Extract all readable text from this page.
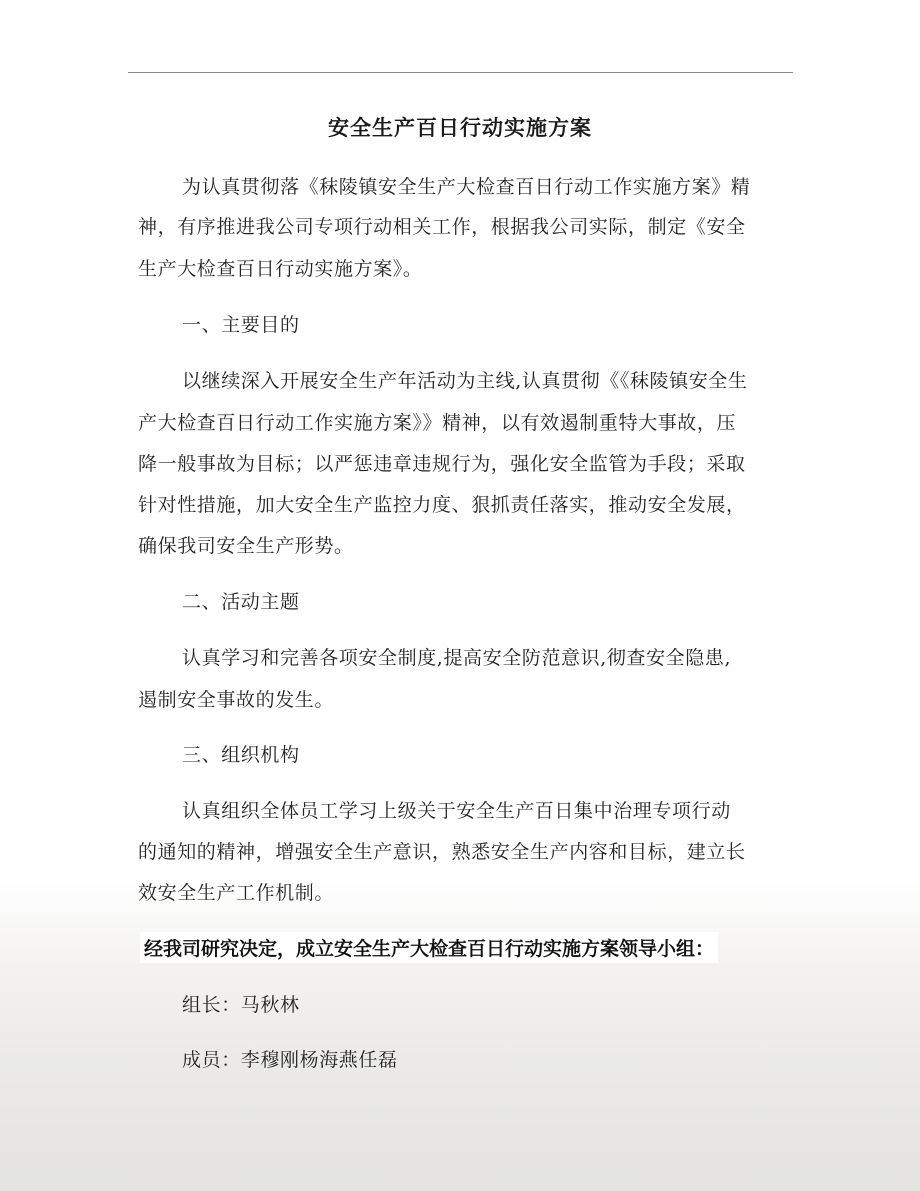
安全生产百日行动实施方案
为认真贯彻落《秣陵镇安全生产大检查百日行动工作实施方案》精
神，有序推进我公司专项行动相关工作，根据我公司实际，制定《安全
生产大检查百日行动实施方案》。
一、主要目的
以继续深入开展安全生产年活动为主线,认真贯彻《《秣陵镇安全生
产大检查百日行动工作实施方案》》精神，以有效遏制重特大事故，压
降一般事故为目标；以严惩违章违规行为，强化安全监管为手段；采取
针对性措施，加大安全生产监控力度、狠抓责任落实，推动安全发展，
确保我司安全生产形势。
二、活动主题
认真学习和完善各项安全制度,提高安全防范意识,彻查安全隐患,
遏制安全事故的发生。
三、组织机构
认真组织全体员工学习上级关于安全生产百日集中治理专项行动
的通知的精神，增强安全生产意识，熟悉安全生产内容和目标，建立长
效安全生产工作机制。
经我司研究决定，成立安全生产大检查百日行动实施方案领导小组：
组长：马秋林
成员：李穆刚杨海燕任磊
